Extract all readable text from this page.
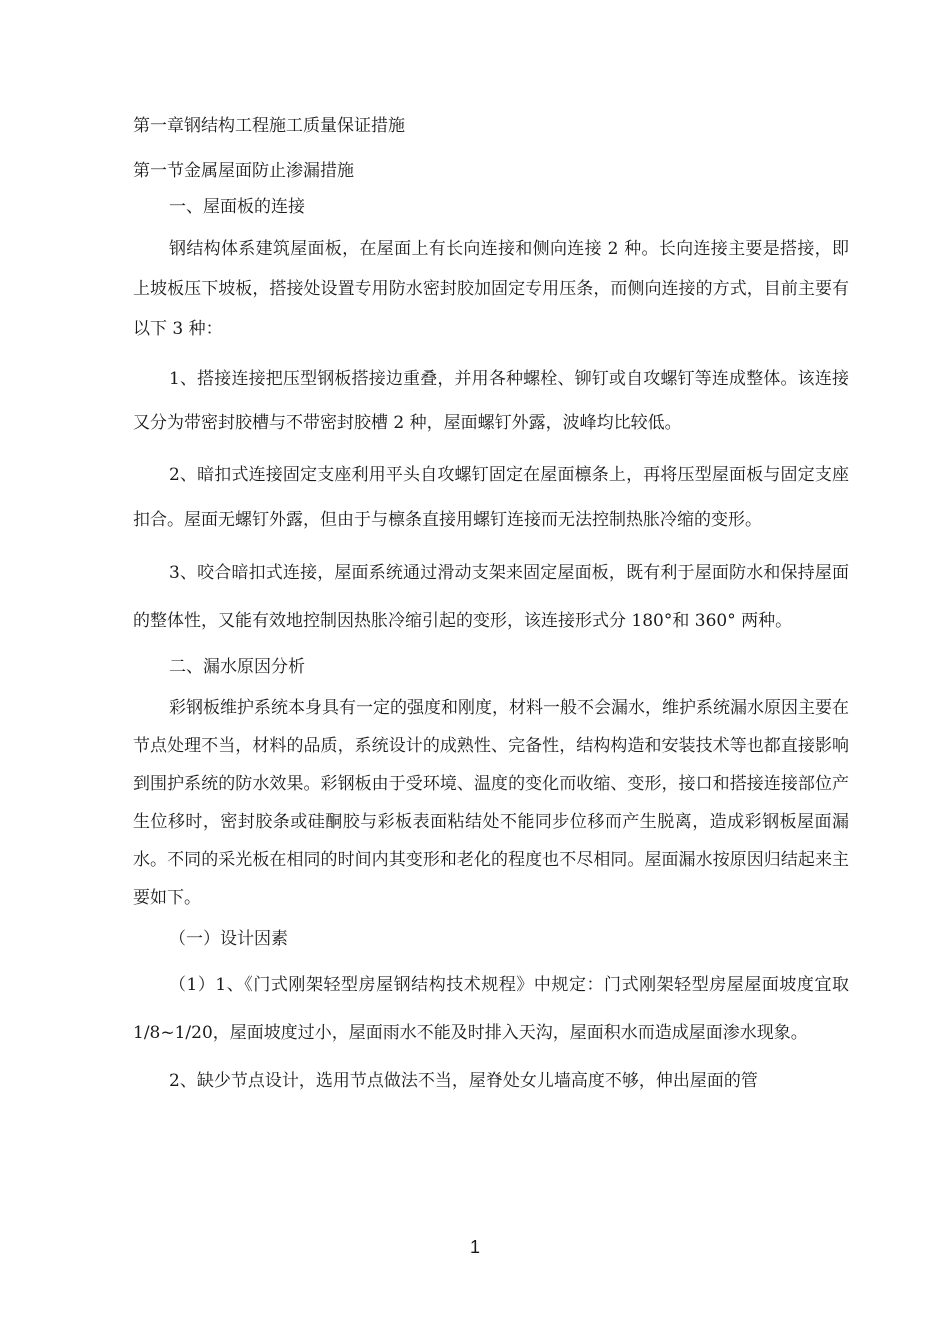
第一章钢结构工程施工质量保证措施

第一节金属屋面防止渗漏措施

一、屋面板的连接

钢结构体系建筑屋面板，在屋面上有长向连接和侧向连接 2 种。长向连接主要是搭接，即上坡板压下坡板，搭接处设置专用防水密封胶加固定专用压条，而侧向连接的方式，目前主要有以下 3 种：

1、搭接连接把压型钢板搭接边重叠，并用各种螺栓、铆钉或自攻螺钉等连成整体。该连接又分为带密封胶槽与不带密封胶槽 2 种，屋面螺钉外露，波峰均比较低。

2、暗扣式连接固定支座利用平头自攻螺钉固定在屋面檩条上，再将压型屋面板与固定支座扣合。屋面无螺钉外露，但由于与檩条直接用螺钉连接而无法控制热胀冷缩的变形。

3、咬合暗扣式连接，屋面系统通过滑动支架来固定屋面板，既有利于屋面防水和保持屋面的整体性，又能有效地控制因热胀冷缩引起的变形，该连接形式分 180°和 360° 两种。

二、漏水原因分析

彩钢板维护系统本身具有一定的强度和刚度，材料一般不会漏水，维护系统漏水原因主要在节点处理不当，材料的品质，系统设计的成熟性、完备性，结构构造和安装技术等也都直接影响到围护系统的防水效果。彩钢板由于受环境、温度的变化而收缩、变形，接口和搭接连接部位产生位移时，密封胶条或硅酮胶与彩板表面粘结处不能同步位移而产生脱离，造成彩钢板屋面漏水。不同的采光板在相同的时间内其变形和老化的程度也不尽相同。屋面漏水按原因归结起来主要如下。

（一）设计因素

（1）1、《门式刚架轻型房屋钢结构技术规程》中规定：门式刚架轻型房屋屋面坡度宜取 1/8~1/20，屋面坡度过小，屋面雨水不能及时排入天沟，屋面积水而造成屋面渗水现象。

2、缺少节点设计，选用节点做法不当，屋脊处女儿墙高度不够，伸出屋面的管

1
